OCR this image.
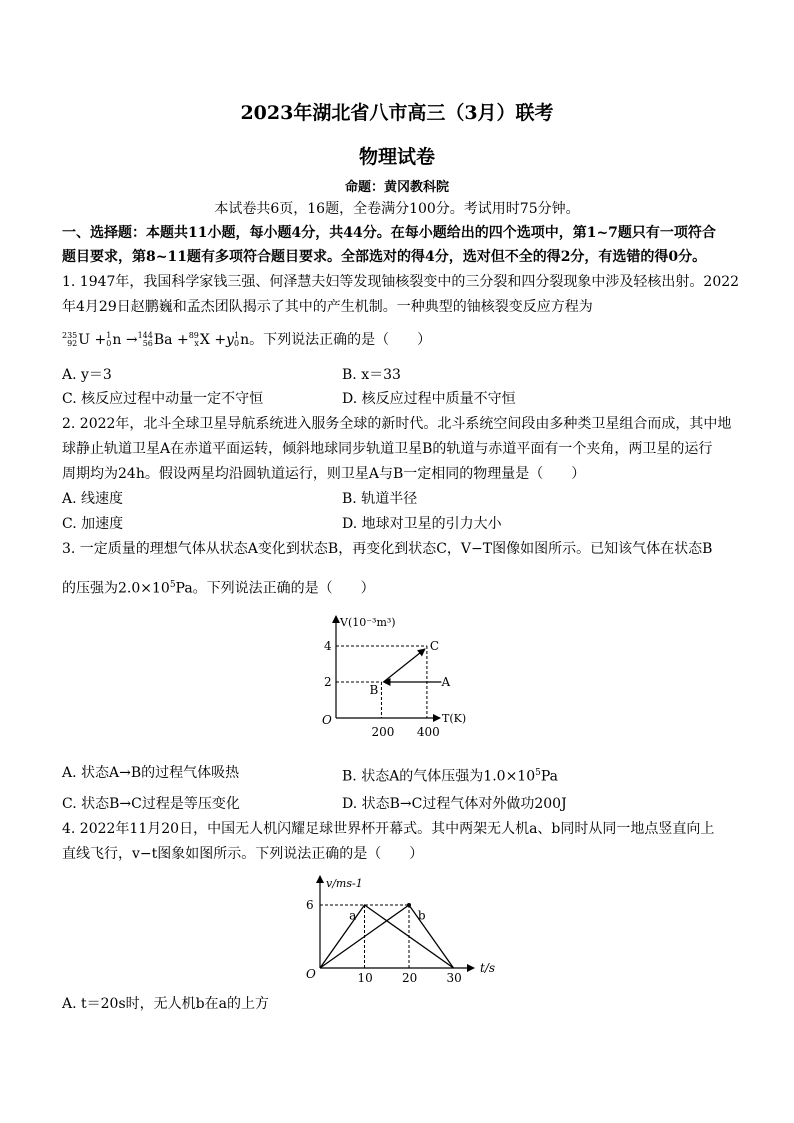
2023年湖北省八市高三（3月）联考
物理试卷
命题：黄冈教科院
本试卷共6页，16题，全卷满分100分。考试用时75分钟。
一、选择题：本题共11小题，每小题4分，共44分。在每小题给出的四个选项中，第1~7题只有一项符合
题目要求，第8~11题有多项符合题目要求。全部选对的得4分，选对但不全的得2分，有选错的得0分。
1. 1947年，我国科学家钱三强、何泽慧夫妇等发现铀核裂变中的三分裂和四分裂现象中涉及轻核出射。2022
年4月29日赵鹏巍和孟杰团队揭示了其中的产生机制。一种典型的铀核裂变反应方程为
235
92 U + 1
0 n → 144
56 Ba + 89
x X +y 1
0 n。下列说法正确的是（　　）
A. y＝3	B. x＝33
C. 核反应过程中动量一定不守恒	D. 核反应过程中质量不守恒
2. 2022年，北斗全球卫星导航系统进入服务全球的新时代。北斗系统空间段由多种类卫星组合而成，其中地
球静止轨道卫星A在赤道平面运转，倾斜地球同步轨道卫星B的轨道与赤道平面有一个夹角，两卫星的运行
周期均为24h。假设两星均沿圆轨道运行，则卫星A与B一定相同的物理量是（　　）
A. 线速度	B. 轨道半径
C. 加速度	D. 地球对卫星的引力大小
3. 一定质量的理想气体从状态A变化到状态B，再变化到状态C，V−T图像如图所示。已知该气体在状态B
的压强为$2.0\times 10^5Pa$。下列说法正确的是（　　）
A
B
C
2
4
200 400
V(10⁻³m³)
T(K)
O
A. 状态A→B的过程气体吸热	B. 状态A的气体压强为$1.0\times 10^5Pa$
C. 状态B→C过程是等压变化	D. 状态B→C过程气体对外做功200J
4. 2022年11月20日，中国无人机闪耀足球世界杯开幕式。其中两架无人机a、b同时从同一地点竖直向上
直线飞行，v−t图象如图所示。下列说法正确的是（　　）
a	b
6
10 20 30
v/ms-1
t/s
O
A. t＝20s时，无人机b在a的上方
